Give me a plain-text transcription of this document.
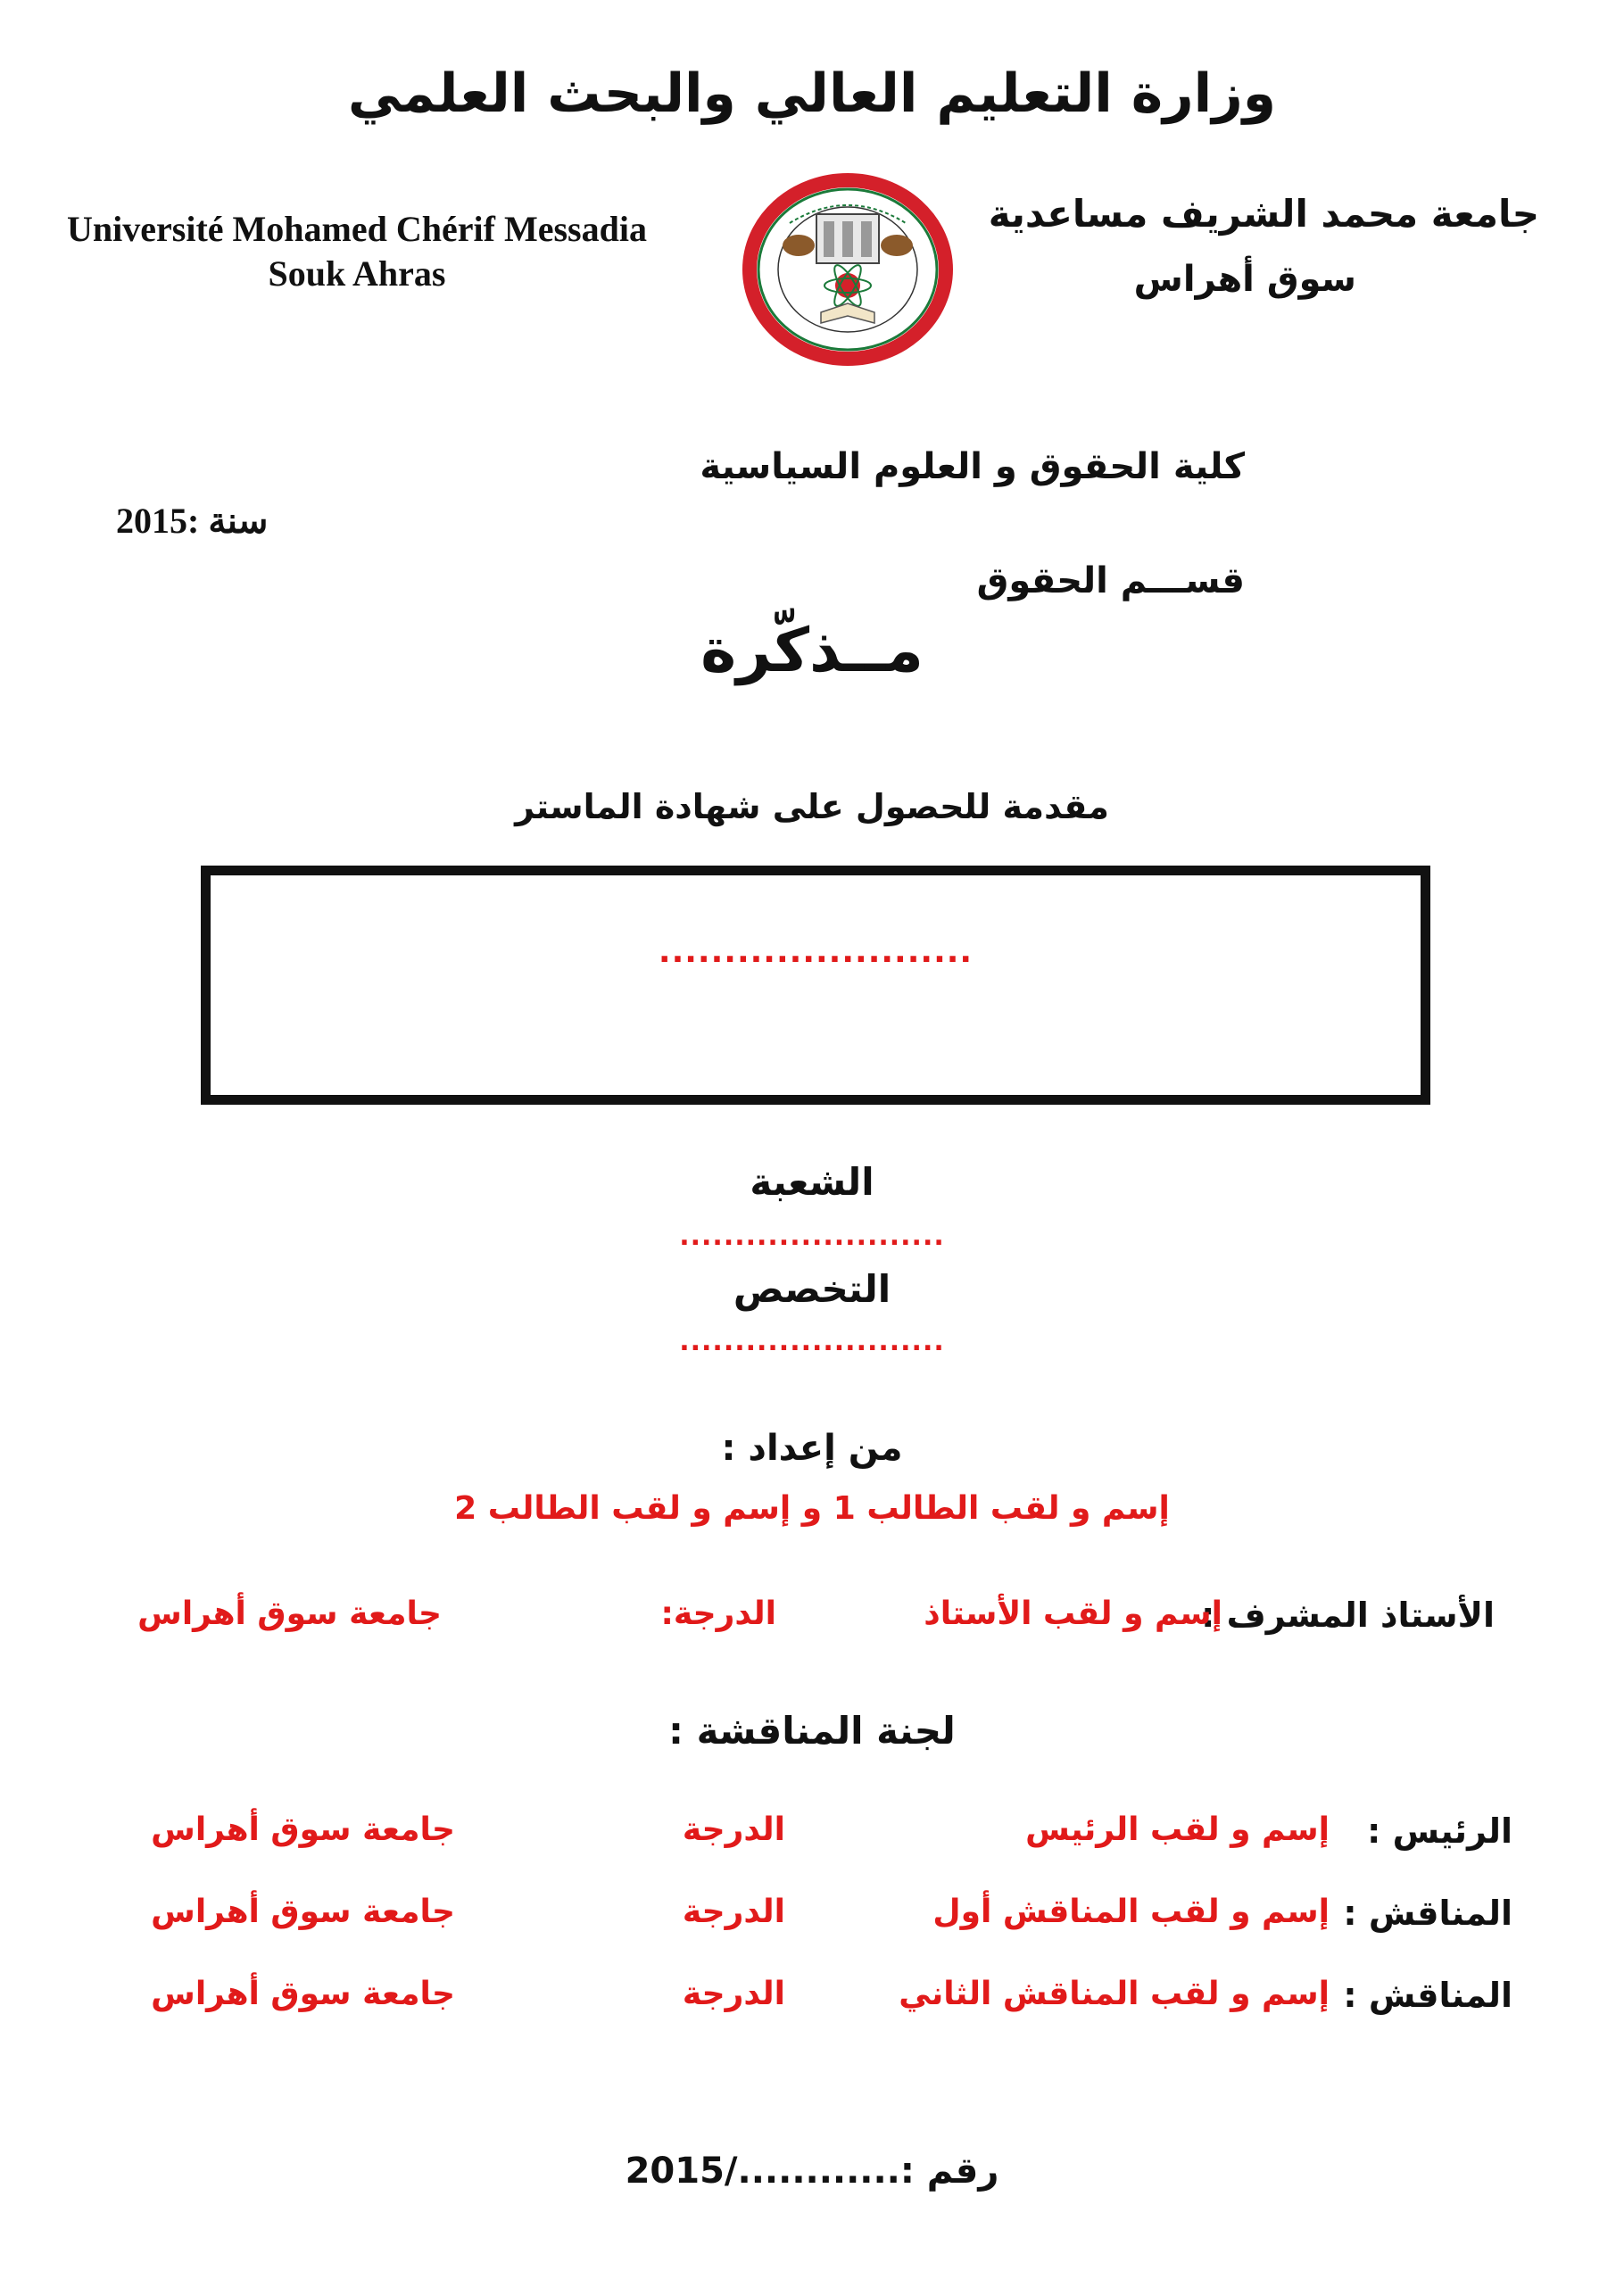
وزارة التعليم العالي والبحث العلمي
Université Mohamed Chérif Messadia
Souk Ahras
جامعة محمد الشريف مساعدية
سوق أهراس
كلية الحقوق و العلوم السياسية
سنة :2015
قســـم الحقوق
مــذكّرة
مقدمة للحصول على شهادة الماستر
........................
الشعبة
........................
التخصص
........................
من إعداد :
إسم و لقب الطالب 1 و إسم و لقب الطالب 2
الأستاذ المشرف :
إسم و لقب الأستاذ
الدرجة:
جامعة سوق أهراس
لجنة المناقشة :
الرئيس :
إسم و لقب الرئيس
الدرجة
جامعة سوق أهراس
المناقش :
إسم و لقب المناقش أول
الدرجة
جامعة سوق أهراس
المناقش :
إسم و لقب المناقش الثاني
الدرجة
جامعة سوق أهراس
رقم :............/2015
